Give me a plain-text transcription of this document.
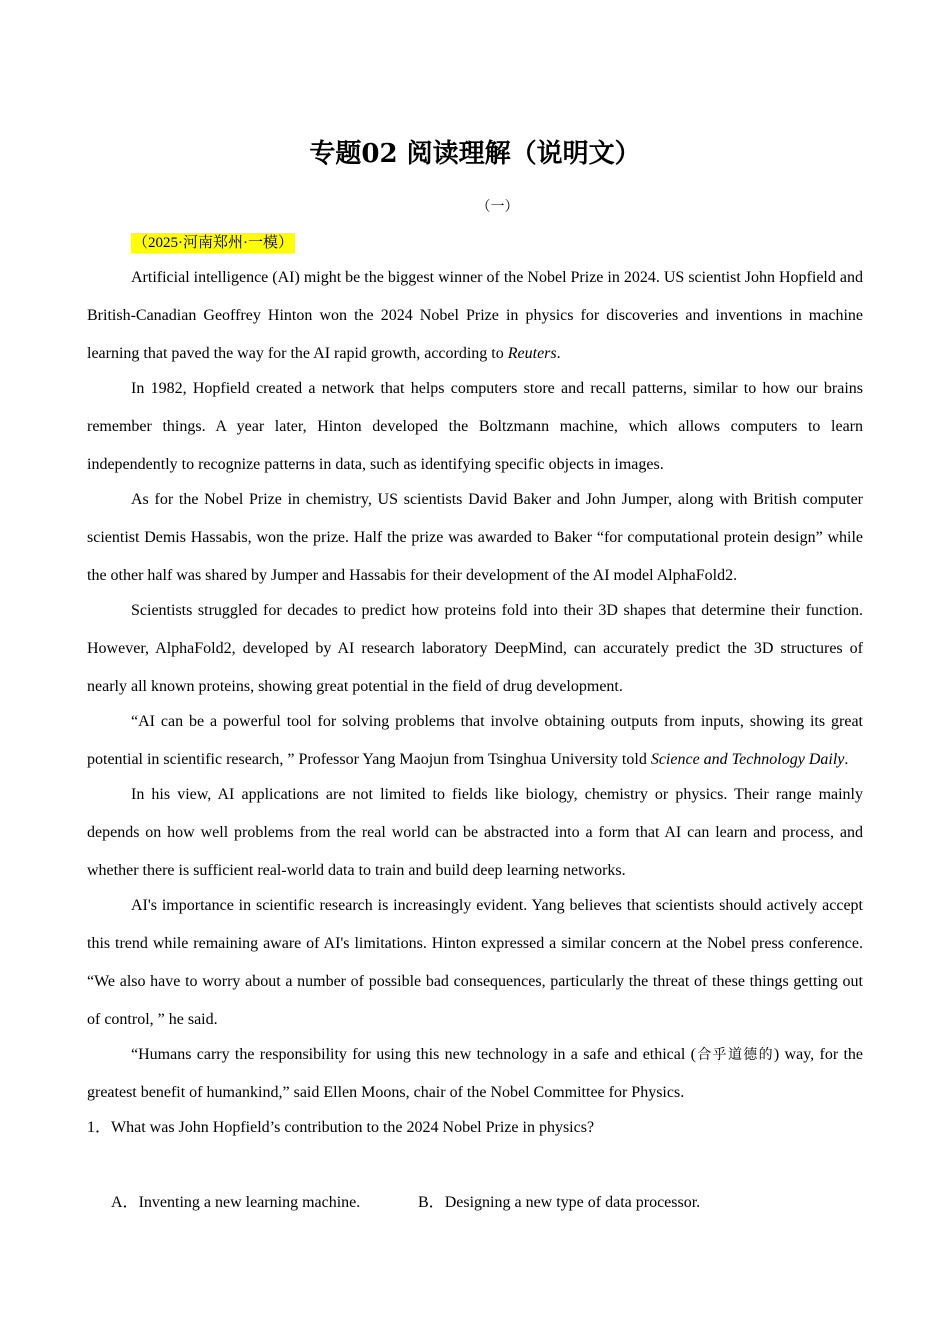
专题02 阅读理解（说明文）
（一）
（2025·河南郑州·一模）

Artificial intelligence (AI) might be the biggest winner of the Nobel Prize in 2024. US scientist John Hopfield and British-Canadian Geoffrey Hinton won the 2024 Nobel Prize in physics for discoveries and inventions in machine learning that paved the way for the AI rapid growth, according to Reuters.

In 1982, Hopfield created a network that helps computers store and recall patterns, similar to how our brains remember things. A year later, Hinton developed the Boltzmann machine, which allows computers to learn independently to recognize patterns in data, such as identifying specific objects in images.

As for the Nobel Prize in chemistry, US scientists David Baker and John Jumper, along with British computer scientist Demis Hassabis, won the prize. Half the prize was awarded to Baker “for computational protein design” while the other half was shared by Jumper and Hassabis for their development of the AI model AlphaFold2.

Scientists struggled for decades to predict how proteins fold into their 3D shapes that determine their function. However, AlphaFold2, developed by AI research laboratory DeepMind, can accurately predict the 3D structures of nearly all known proteins, showing great potential in the field of drug development.

“AI can be a powerful tool for solving problems that involve obtaining outputs from inputs, showing its great potential in scientific research, ” Professor Yang Maojun from Tsinghua University told Science and Technology Daily.

In his view, AI applications are not limited to fields like biology, chemistry or physics. Their range mainly depends on how well problems from the real world can be abstracted into a form that AI can learn and process, and whether there is sufficient real-world data to train and build deep learning networks.

AI's importance in scientific research is increasingly evident. Yang believes that scientists should actively accept this trend while remaining aware of AI's limitations. Hinton expressed a similar concern at the Nobel press conference. “We also have to worry about a number of possible bad consequences, particularly the threat of these things getting out of control, ” he said.

“Humans carry the responsibility for using this new technology in a safe and ethical (合乎道德的) way, for the greatest benefit of humankind,” said Ellen Moons, chair of the Nobel Committee for Physics.

1．What was John Hopfield’s contribution to the 2024 Nobel Prize in physics?

A．Inventing a new learning machine.	B．Designing a new type of data processor.
